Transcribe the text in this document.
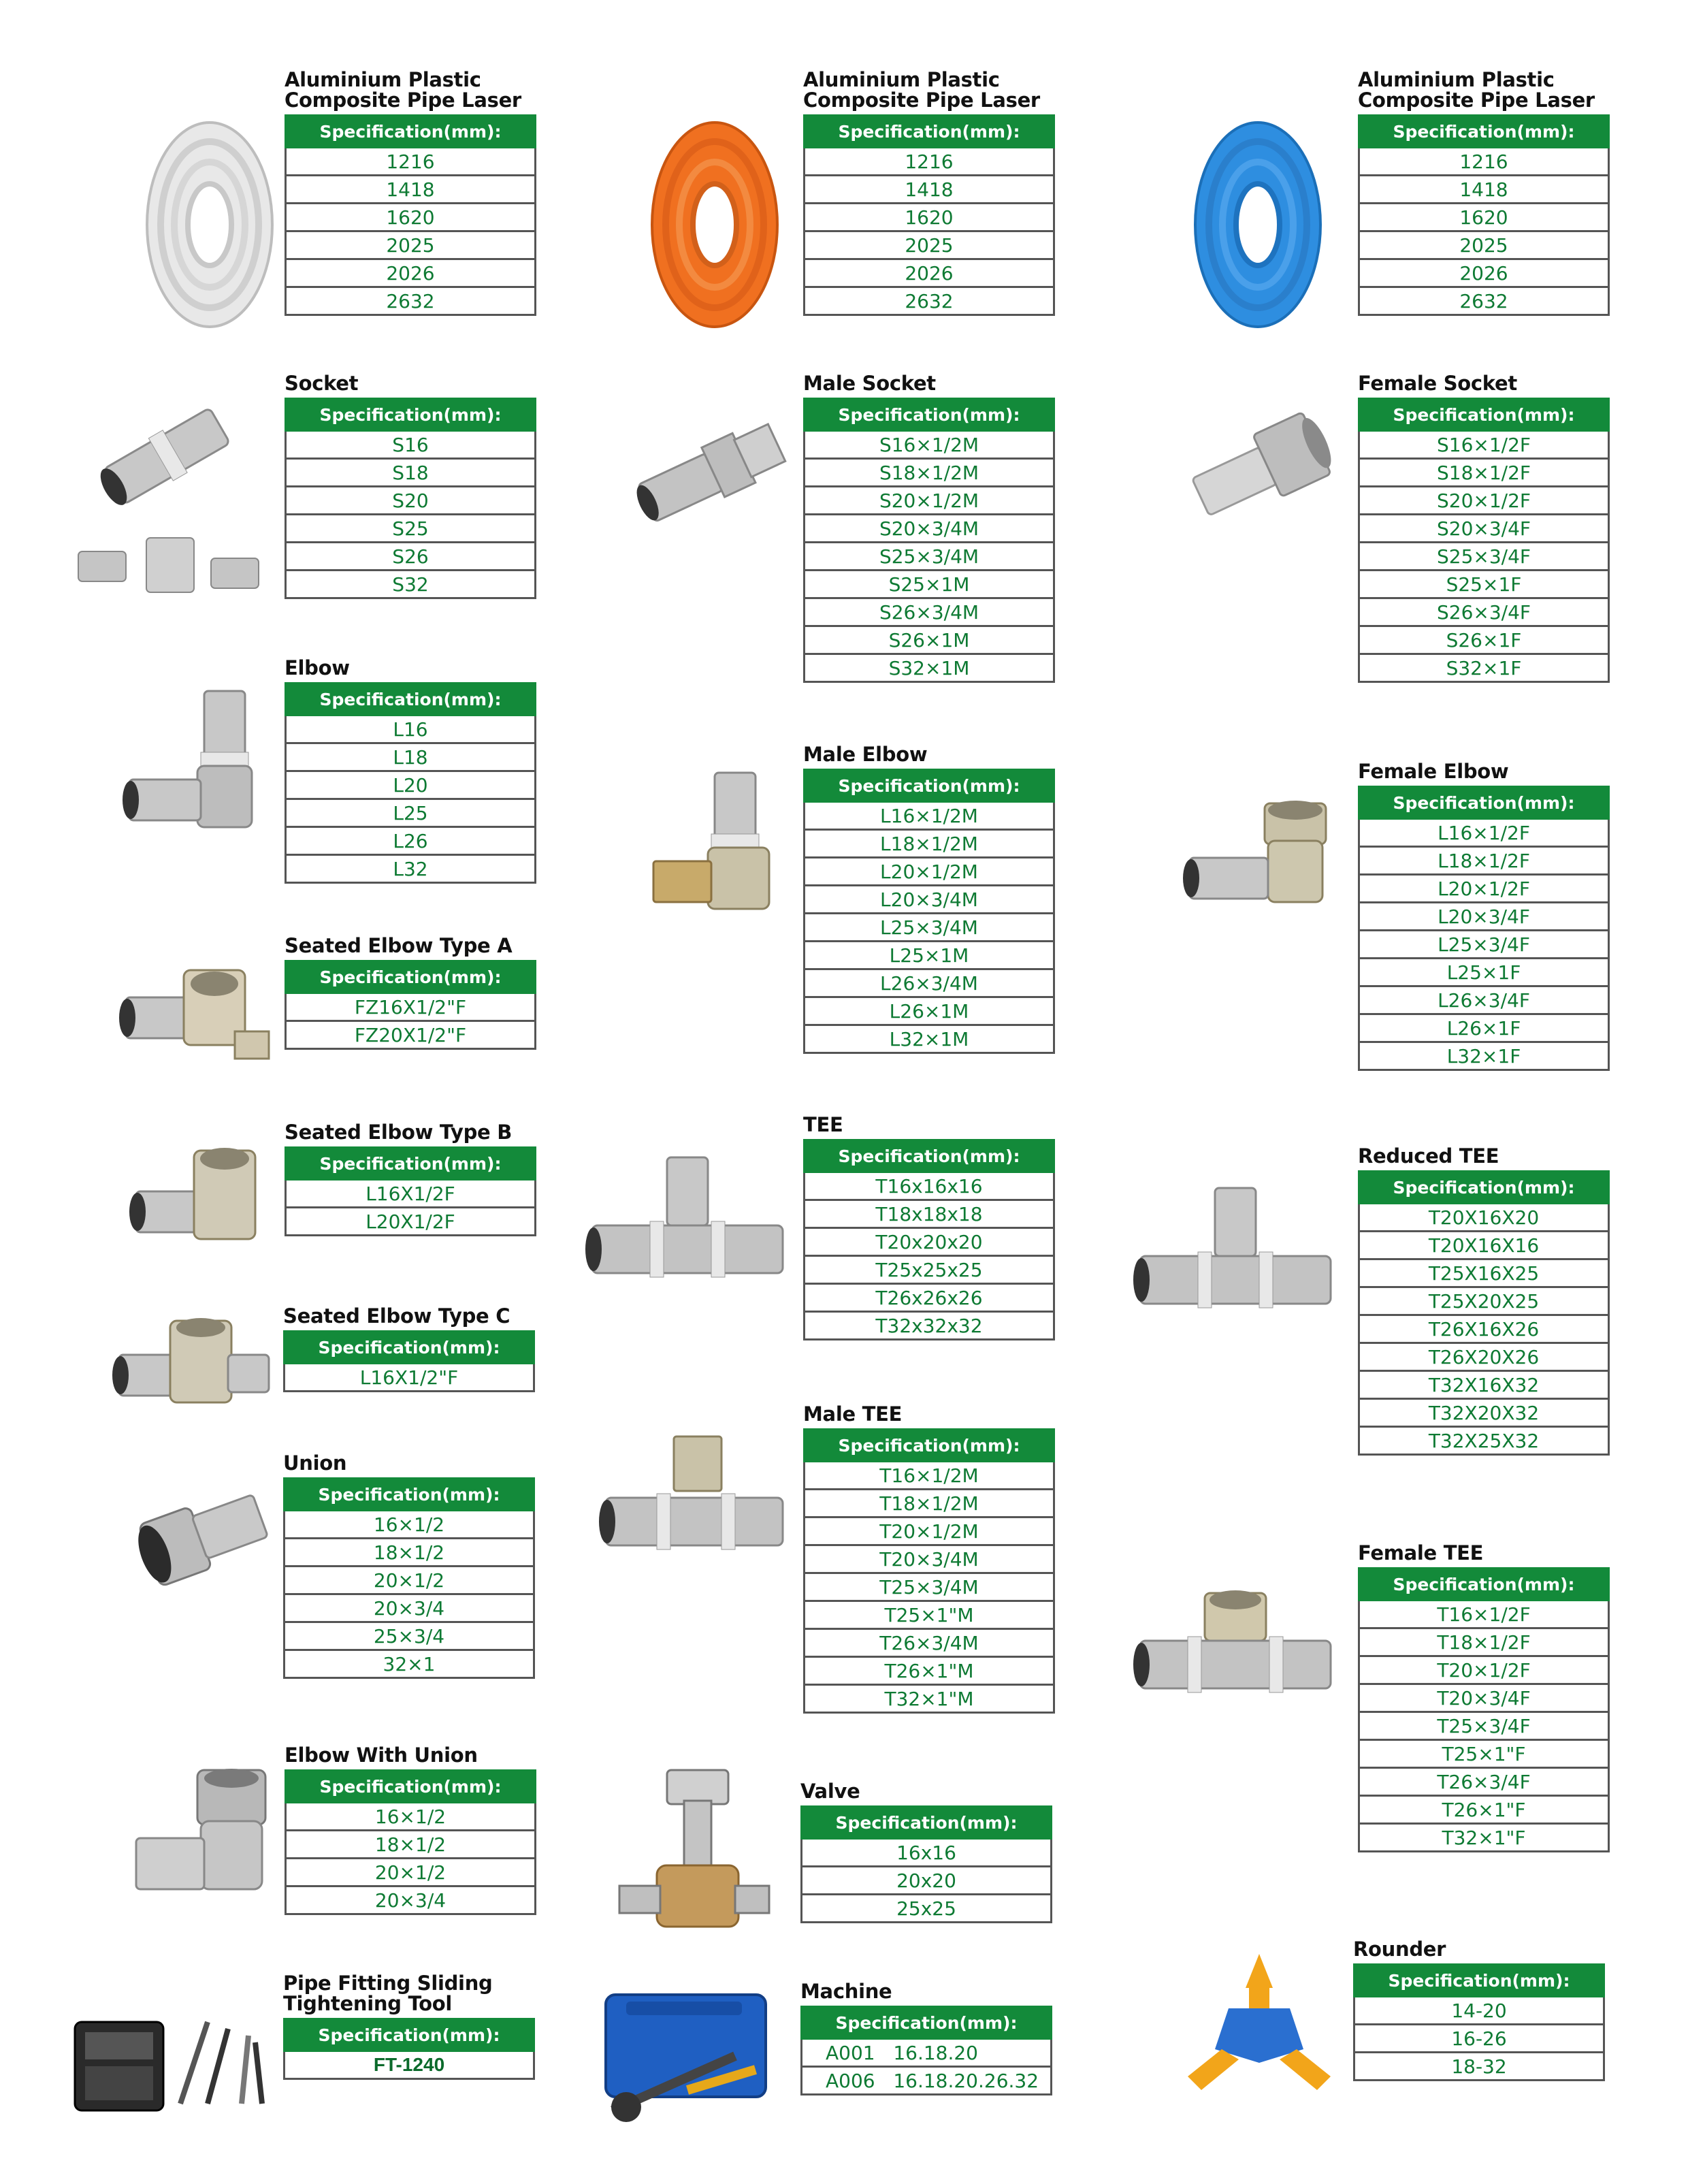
Aluminium Plastic
Composite Pipe Laser
Specification(mm):
1216
1418
1620
2025
2026
2632
Aluminium Plastic
Composite Pipe Laser
Specification(mm):
1216
1418
1620
2025
2026
2632
Aluminium Plastic
Composite Pipe Laser
Specification(mm):
1216
1418
1620
2025
2026
2632
Socket
Specification(mm):
S16
S18
S20
S25
S26
S32
Male Socket
Specification(mm):
S16×1/2M
S18×1/2M
S20×1/2M
S20×3/4M
S25×3/4M
S25×1M
S26×3/4M
S26×1M
S32×1M
Female Socket
Specification(mm):
S16×1/2F
S18×1/2F
S20×1/2F
S20×3/4F
S25×3/4F
S25×1F
S26×3/4F
S26×1F
S32×1F
Elbow
Specification(mm):
L16
L18
L20
L25
L26
L32
Male Elbow
Specification(mm):
L16×1/2M
L18×1/2M
L20×1/2M
L20×3/4M
L25×3/4M
L25×1M
L26×3/4M
L26×1M
L32×1M
Female Elbow
Specification(mm):
L16×1/2F
L18×1/2F
L20×1/2F
L20×3/4F
L25×3/4F
L25×1F
L26×3/4F
L26×1F
L32×1F
Seated Elbow Type A
Specification(mm):
FZ16X1/2"F
FZ20X1/2"F
Seated Elbow Type B
Specification(mm):
L16X1/2F
L20X1/2F
Seated Elbow Type C
Specification(mm):
L16X1/2"F
TEE
Specification(mm):
T16x16x16
T18x18x18
T20x20x20
T25x25x25
T26x26x26
T32x32x32
Reduced TEE
Specification(mm):
T20X16X20
T20X16X16
T25X16X25
T25X20X25
T26X16X26
T26X20X26
T32X16X32
T32X20X32
T32X25X32
Union
Specification(mm):
16×1/2
18×1/2
20×1/2
20×3/4
25×3/4
32×1
Male TEE
Specification(mm):
T16×1/2M
T18×1/2M
T20×1/2M
T20×3/4M
T25×3/4M
T25×1"M
T26×3/4M
T26×1"M
T32×1"M
Female TEE
Specification(mm):
T16×1/2F
T18×1/2F
T20×1/2F
T20×3/4F
T25×3/4F
T25×1"F
T26×3/4F
T26×1"F
T32×1"F
Elbow With Union
Specification(mm):
16×1/2
18×1/2
20×1/2
20×3/4
Valve
Specification(mm):
16x16
20x20
25x25
Rounder
Specification(mm):
14-20
16-26
18-32
Pipe Fitting Sliding
Tightening Tool
Specification(mm):
FT-1240
Machine
Specification(mm):
A001 16.18.20
A006 16.18.20.26.32
